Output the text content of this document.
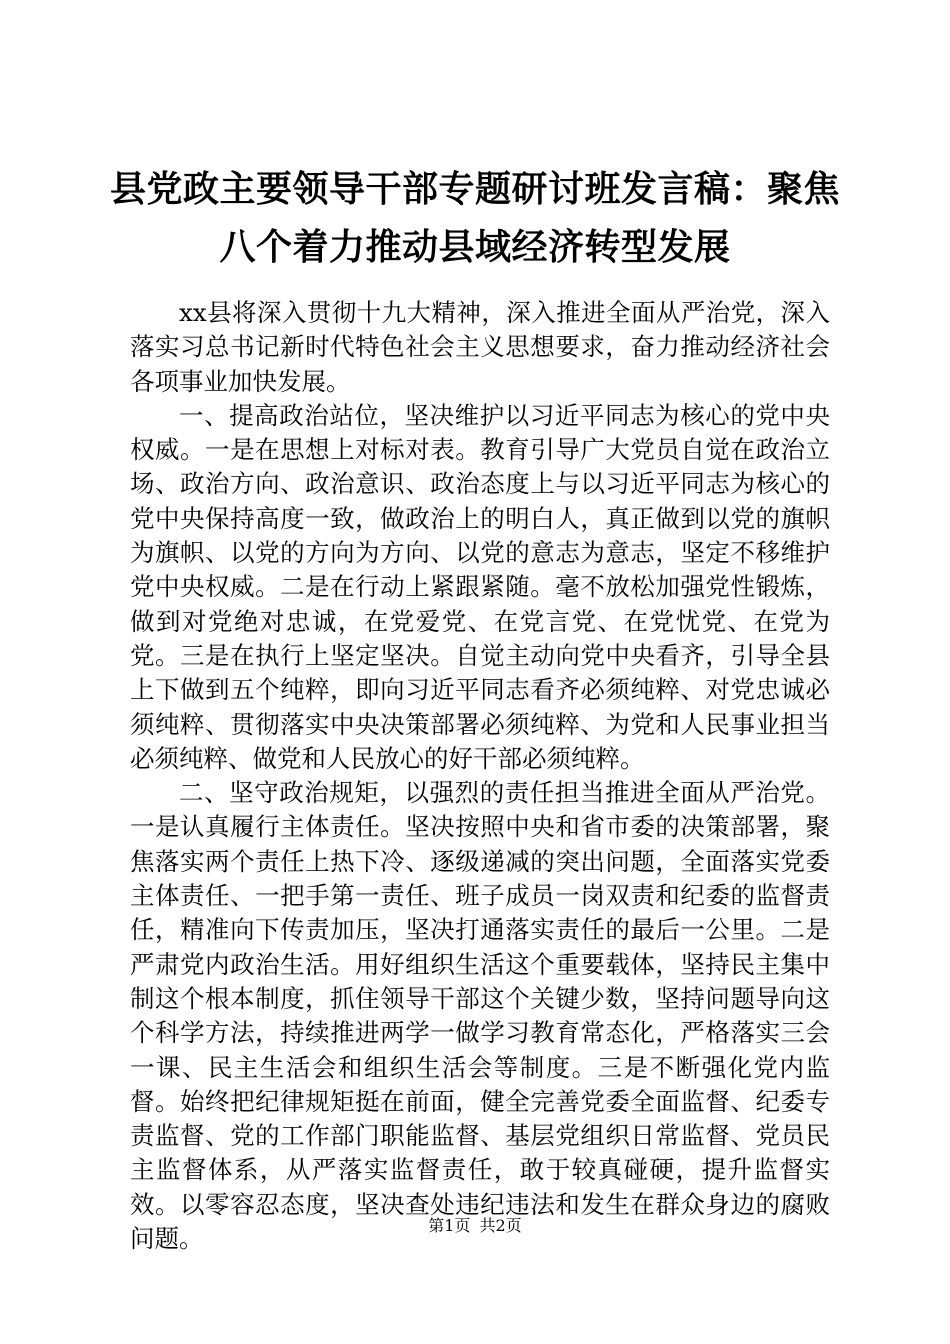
县党政主要领导干部专题研讨班发言稿：聚焦
八个着力推动县域经济转型发展

xx县将深入贯彻十九大精神，深入推进全面从严治党，深入落实习总书记新时代特色社会主义思想要求，奋力推动经济社会各项事业加快发展。

一、提高政治站位，坚决维护以习近平同志为核心的党中央权威。一是在思想上对标对表。教育引导广大党员自觉在政治立场、政治方向、政治意识、政治态度上与以习近平同志为核心的党中央保持高度一致，做政治上的明白人，真正做到以党的旗帜为旗帜、以党的方向为方向、以党的意志为意志，坚定不移维护党中央权威。二是在行动上紧跟紧随。毫不放松加强党性锻炼，做到对党绝对忠诚，在党爱党、在党言党、在党忧党、在党为党。三是在执行上坚定坚决。自觉主动向党中央看齐，引导全县上下做到五个纯粹，即向习近平同志看齐必须纯粹、对党忠诚必须纯粹、贯彻落实中央决策部署必须纯粹、为党和人民事业担当必须纯粹、做党和人民放心的好干部必须纯粹。

二、坚守政治规矩，以强烈的责任担当推进全面从严治党。一是认真履行主体责任。坚决按照中央和省市委的决策部署，聚焦落实两个责任上热下冷、逐级递减的突出问题，全面落实党委主体责任、一把手第一责任、班子成员一岗双责和纪委的监督责任，精准向下传责加压，坚决打通落实责任的最后一公里。二是严肃党内政治生活。用好组织生活这个重要载体，坚持民主集中制这个根本制度，抓住领导干部这个关键少数，坚持问题导向这个科学方法，持续推进两学一做学习教育常态化，严格落实三会一课、民主生活会和组织生活会等制度。三是不断强化党内监督。始终把纪律规矩挺在前面，健全完善党委全面监督、纪委专责监督、党的工作部门职能监督、基层党组织日常监督、党员民主监督体系，从严落实监督责任，敢于较真碰硬，提升监督实效。以零容忍态度，坚决查处违纪违法和发生在群众身边的腐败问题。	第1页 共2页
